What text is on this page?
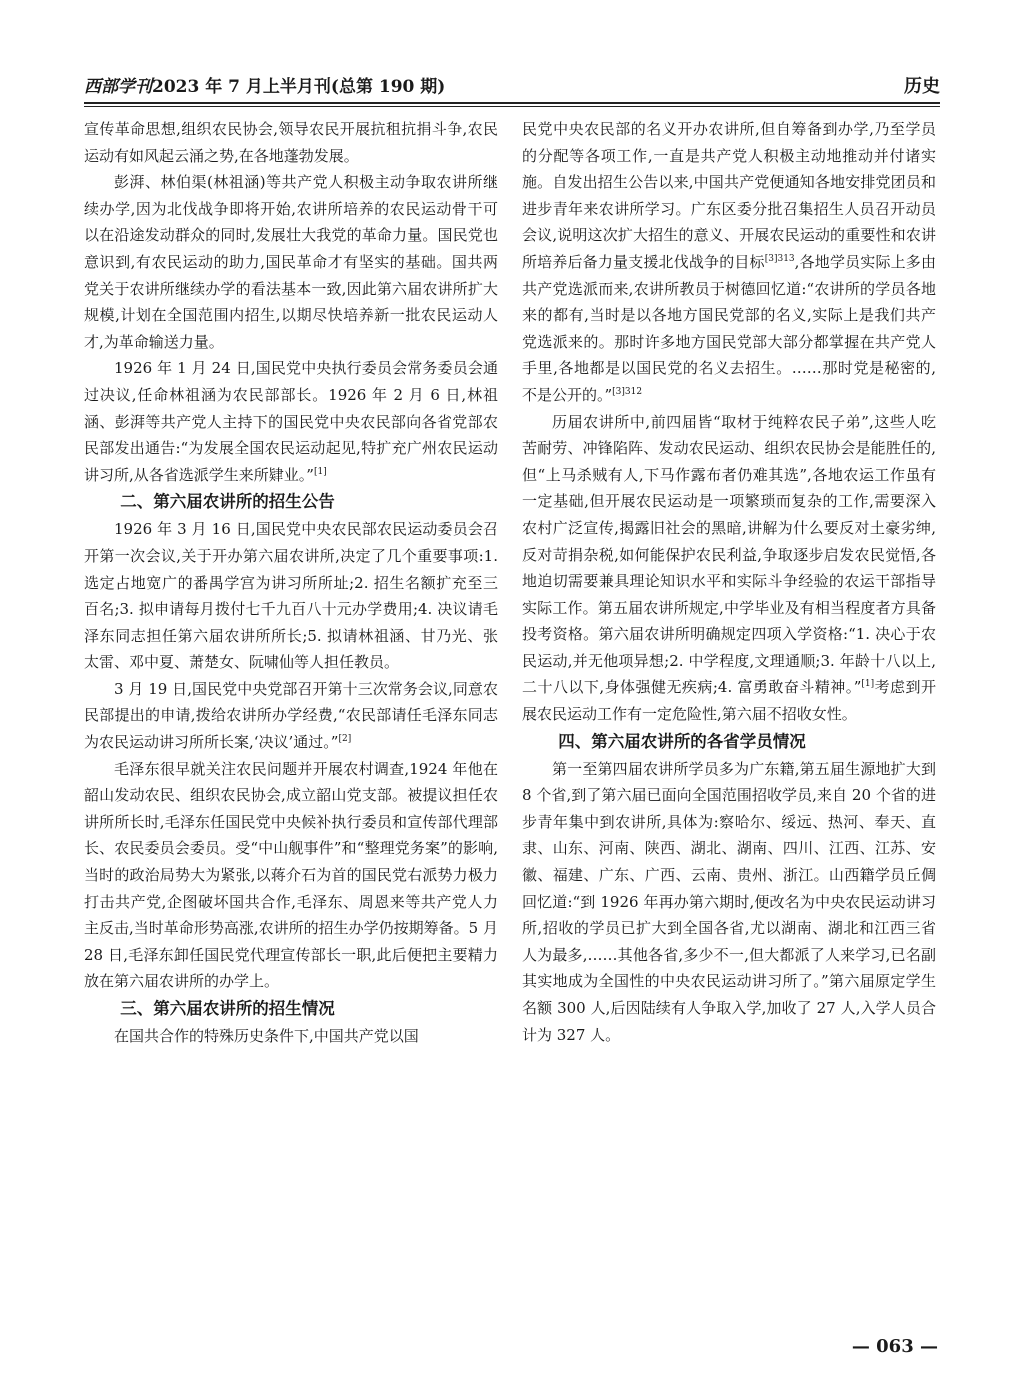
西部学刊2023 年 7 月上半月刊(总第 190 期)	历史

宣传革命思想,组织农民协会,领导农民开展抗租抗捐斗争,农民运动有如风起云涌之势,在各地蓬勃发展。

彭湃、林伯渠(林祖涵)等共产党人积极主动争取农讲所继续办学,因为北伐战争即将开始,农讲所培养的农民运动骨干可以在沿途发动群众的同时,发展壮大我党的革命力量。国民党也意识到,有农民运动的助力,国民革命才有坚实的基础。国共两党关于农讲所继续办学的看法基本一致,因此第六届农讲所扩大规模,计划在全国范围内招生,以期尽快培养新一批农民运动人才,为革命输送力量。

1926 年 1 月 24 日,国民党中央执行委员会常务委员会通过决议,任命林祖涵为农民部部长。1926 年 2 月 6 日,林祖涵、彭湃等共产党人主持下的国民党中央农民部向各省党部农民部发出通告:“为发展全国农民运动起见,特扩充广州农民运动讲习所,从各省选派学生来所肄业。”[1]

二、第六届农讲所的招生公告

1926 年 3 月 16 日,国民党中央农民部农民运动委员会召开第一次会议,关于开办第六届农讲所,决定了几个重要事项:1. 选定占地宽广的番禺学宫为讲习所所址;2. 招生名额扩充至三百名;3. 拟申请每月拨付七千九百八十元办学费用;4. 决议请毛泽东同志担任第六届农讲所所长;5. 拟请林祖涵、甘乃光、张太雷、邓中夏、萧楚女、阮啸仙等人担任教员。

3 月 19 日,国民党中央党部召开第十三次常务会议,同意农民部提出的申请,拨给农讲所办学经费,“农民部请任毛泽东同志为农民运动讲习所所长案,‘决议’通过。”[2]

毛泽东很早就关注农民问题并开展农村调查,1924 年他在韶山发动农民、组织农民协会,成立韶山党支部。被提议担任农讲所所长时,毛泽东任国民党中央候补执行委员和宣传部代理部长、农民委员会委员。受“中山舰事件”和“整理党务案”的影响,当时的政治局势大为紧张,以蒋介石为首的国民党右派势力极力打击共产党,企图破坏国共合作,毛泽东、周恩来等共产党人力主反击,当时革命形势高涨,农讲所的招生办学仍按期筹备。5 月 28 日,毛泽东卸任国民党代理宣传部长一职,此后便把主要精力放在第六届农讲所的办学上。

三、第六届农讲所的招生情况

在国共合作的特殊历史条件下,中国共产党以国

民党中央农民部的名义开办农讲所,但自筹备到办学,乃至学员的分配等各项工作,一直是共产党人积极主动地推动并付诸实施。自发出招生公告以来,中国共产党便通知各地安排党团员和进步青年来农讲所学习。广东区委分批召集招生人员召开动员会议,说明这次扩大招生的意义、开展农民运动的重要性和农讲所培养后备力量支援北伐战争的目标$^{[3]313}$,各地学员实际上多由共产党选派而来,农讲所教员于树德回忆道:“农讲所的学员各地来的都有,当时是以各地方国民党部的名义,实际上是我们共产党选派来的。那时许多地方国民党部大部分都掌握在共产党人手里,各地都是以国民党的名义去招生。……那时党是秘密的,不是公开的。”$^{[3]312}$

历届农讲所中,前四届皆“取材于纯粹农民子弟”,这些人吃苦耐劳、冲锋陷阵、发动农民运动、组织农民协会是能胜任的,但“上马杀贼有人,下马作露布者仍难其选”,各地农运工作虽有一定基础,但开展农民运动是一项繁琐而复杂的工作,需要深入农村广泛宣传,揭露旧社会的黑暗,讲解为什么要反对土豪劣绅,反对苛捐杂税,如何能保护农民利益,争取逐步启发农民觉悟,各地迫切需要兼具理论知识水平和实际斗争经验的农运干部指导实际工作。第五届农讲所规定,中学毕业及有相当程度者方具备投考资格。第六届农讲所明确规定四项入学资格:“1. 决心于农民运动,并无他项异想;2. 中学程度,文理通顺;3. 年龄十八以上,二十八以下,身体强健无疾病;4. 富勇敢奋斗精神。”[1]考虑到开展农民运动工作有一定危险性,第六届不招收女性。

四、第六届农讲所的各省学员情况

第一至第四届农讲所学员多为广东籍,第五届生源地扩大到 8 个省,到了第六届已面向全国范围招收学员,来自 20 个省的进步青年集中到农讲所,具体为:察哈尔、绥远、热河、奉天、直隶、山东、河南、陕西、湖北、湖南、四川、江西、江苏、安徽、福建、广东、广西、云南、贵州、浙江。山西籍学员丘倜回忆道:“到 1926 年再办第六期时,便改名为中央农民运动讲习所,招收的学员已扩大到全国各省,尤以湖南、湖北和江西三省人为最多,……其他各省,多少不一,但大都派了人来学习,已名副其实地成为全国性的中央农民运动讲习所了。”第六届原定学生名额 300 人,后因陆续有人争取入学,加收了 27 人,入学人员合计为 327 人。

— 063 —
